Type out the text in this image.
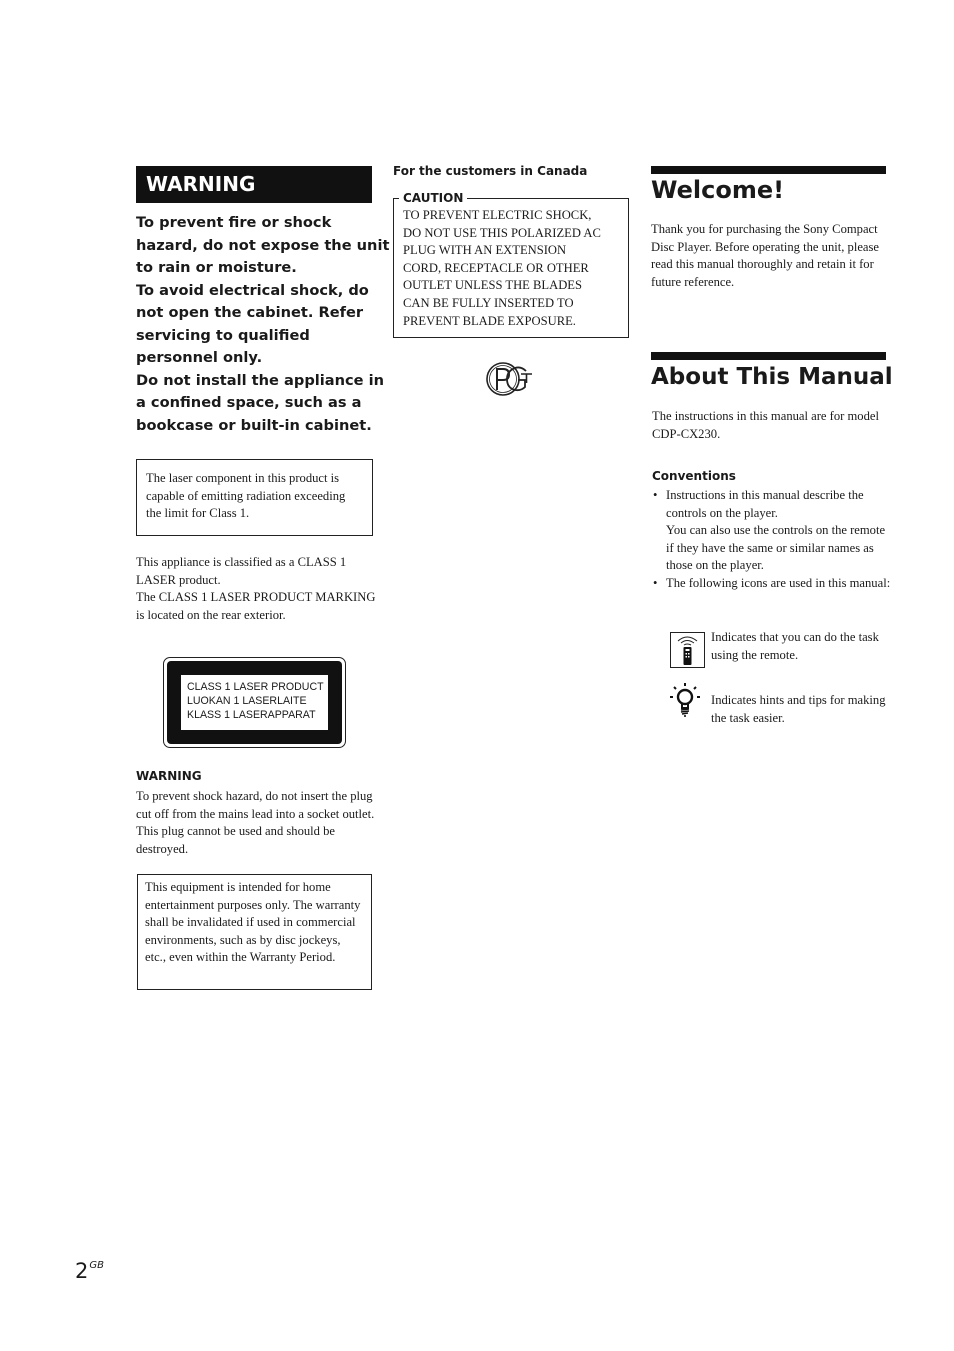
WARNING
To prevent fire or shock
hazard, do not expose the unit
to rain or moisture.
To avoid electrical shock, do
not open the cabinet. Refer
servicing to qualified
personnel only.
Do not install the appliance in
a confined space, such as a
bookcase or built-in cabinet.
The laser component in this product is capable of emitting radiation exceeding the limit for Class 1.
This appliance is classified as a CLASS 1 LASER product.
The CLASS 1 LASER PRODUCT MARKING is located on the rear exterior.
CLASS 1 LASER PRODUCT
LUOKAN 1 LASERLAITE
KLASS 1 LASERAPPARAT
WARNING
To prevent shock hazard, do not insert the plug cut off from the mains lead into a socket outlet. This plug cannot be used and should be destroyed.
This equipment is intended for home entertainment purposes only. The warranty shall be invalidated if used in commercial environments, such as by disc jockeys, etc., even within the Warranty Period.
For the customers in Canada
TO PREVENT ELECTRIC SHOCK,
DO NOT USE THIS POLARIZED AC
PLUG WITH AN EXTENSION
CORD, RECEPTACLE OR OTHER
OUTLET UNLESS THE BLADES
CAN BE FULLY INSERTED TO
PREVENT BLADE EXPOSURE.
CAUTION	Welcome!
Thank you for purchasing the Sony Compact Disc Player. Before operating the unit, please read this manual thoroughly and retain it for future reference.
About This Manual
The instructions in this manual are for model CDP-CX230.
Conventions
• Instructions in this manual describe the controls on the player.
You can also use the controls on the remote if they have the same or similar names as those on the player.
• The following icons are used in this manual:
Indicates that you can do the task using the remote.
Indicates hints and tips for making the task easier.
$2^{GB}$
